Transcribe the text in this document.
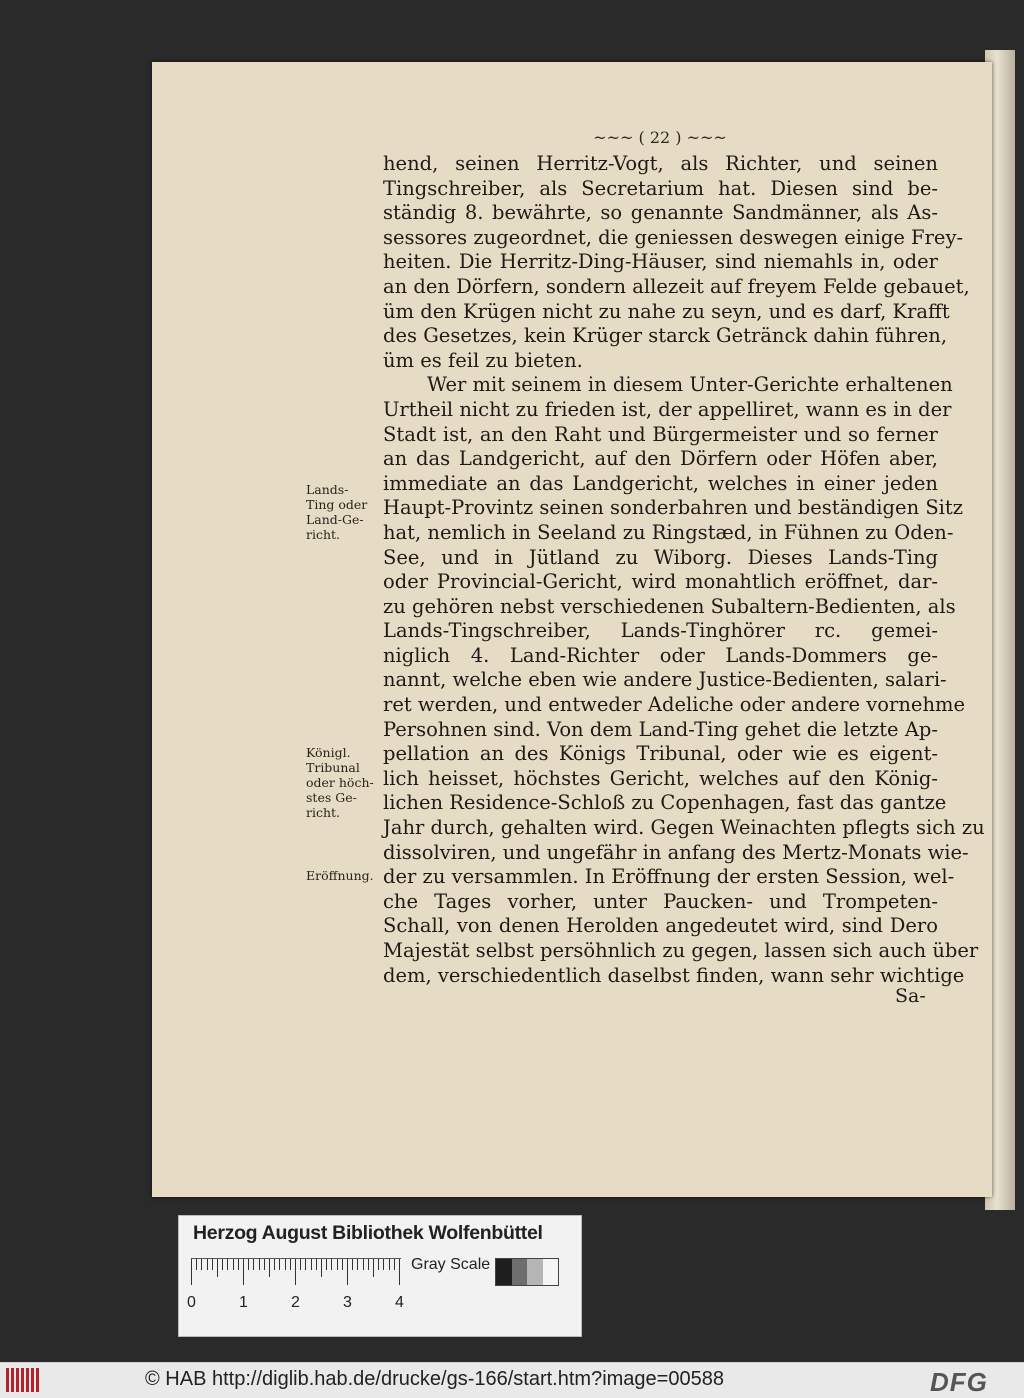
~~~ ( 22 ) ~~~
hend, seinen Herritz-Vogt, als Richter, und seinen
Tingschreiber, als Secretarium hat. Diesen sind be-
ständig 8. bewährte, so genannte Sandmänner, als As-
sessores zugeordnet, die geniessen deswegen einige Frey-
heiten. Die Herritz-Ding-Häuser, sind niemahls in, oder
an den Dörfern, sondern allezeit auf freyem Felde gebauet,
üm den Krügen nicht zu nahe zu seyn, und es darf, Krafft
des Gesetzes, kein Krüger starck Getränck dahin führen,
üm es feil zu bieten.
Wer mit seinem in diesem Unter-Gerichte erhaltenen
Urtheil nicht zu frieden ist, der appelliret, wann es in der
Stadt ist, an den Raht und Bürgermeister und so ferner
an das Landgericht, auf den Dörfern oder Höfen aber,
immediate an das Landgericht, welches in einer jeden
Haupt-Provintz seinen sonderbahren und beständigen Sitz
hat, nemlich in Seeland zu Ringstæd, in Fühnen zu Oden-
See, und in Jütland zu Wiborg. Dieses Lands-Ting
oder Provincial-Gericht, wird monahtlich eröffnet, dar-
zu gehören nebst verschiedenen Subaltern-Bedienten, als
Lands-Tingschreiber, Lands-Tinghörer rc. gemei-
niglich 4. Land-Richter oder Lands-Dommers ge-
nannt, welche eben wie andere Justice-Bedienten, salari-
ret werden, und entweder Adeliche oder andere vornehme
Persohnen sind. Von dem Land-Ting gehet die letzte Ap-
pellation an des Königs Tribunal, oder wie es eigent-
lich heisset, höchstes Gericht, welches auf den König-
lichen Residence-Schloß zu Copenhagen, fast das gantze
Jahr durch, gehalten wird. Gegen Weinachten pflegts sich zu
dissolviren, und ungefähr in anfang des Mertz-Monats wie-
der zu versammlen. In Eröffnung der ersten Session, wel-
che Tages vorher, unter Paucken- und Trompeten-
Schall, von denen Herolden angedeutet wird, sind Dero
Majestät selbst persöhnlich zu gegen, lassen sich auch über
dem, verschiedentlich daselbst finden, wann sehr wichtige
Sa-
Lands-
Ting oder
Land-Ge-
richt.
Königl.
Tribunal
oder höch-
stes Ge-
richt.
Eröffnung.
Herzog August Bibliothek Wolfenbüttel
0	1	2	3	4
Gray Scale
© HAB http://diglib.hab.de/drucke/gs-166/start.htm?image=00588	DFG
